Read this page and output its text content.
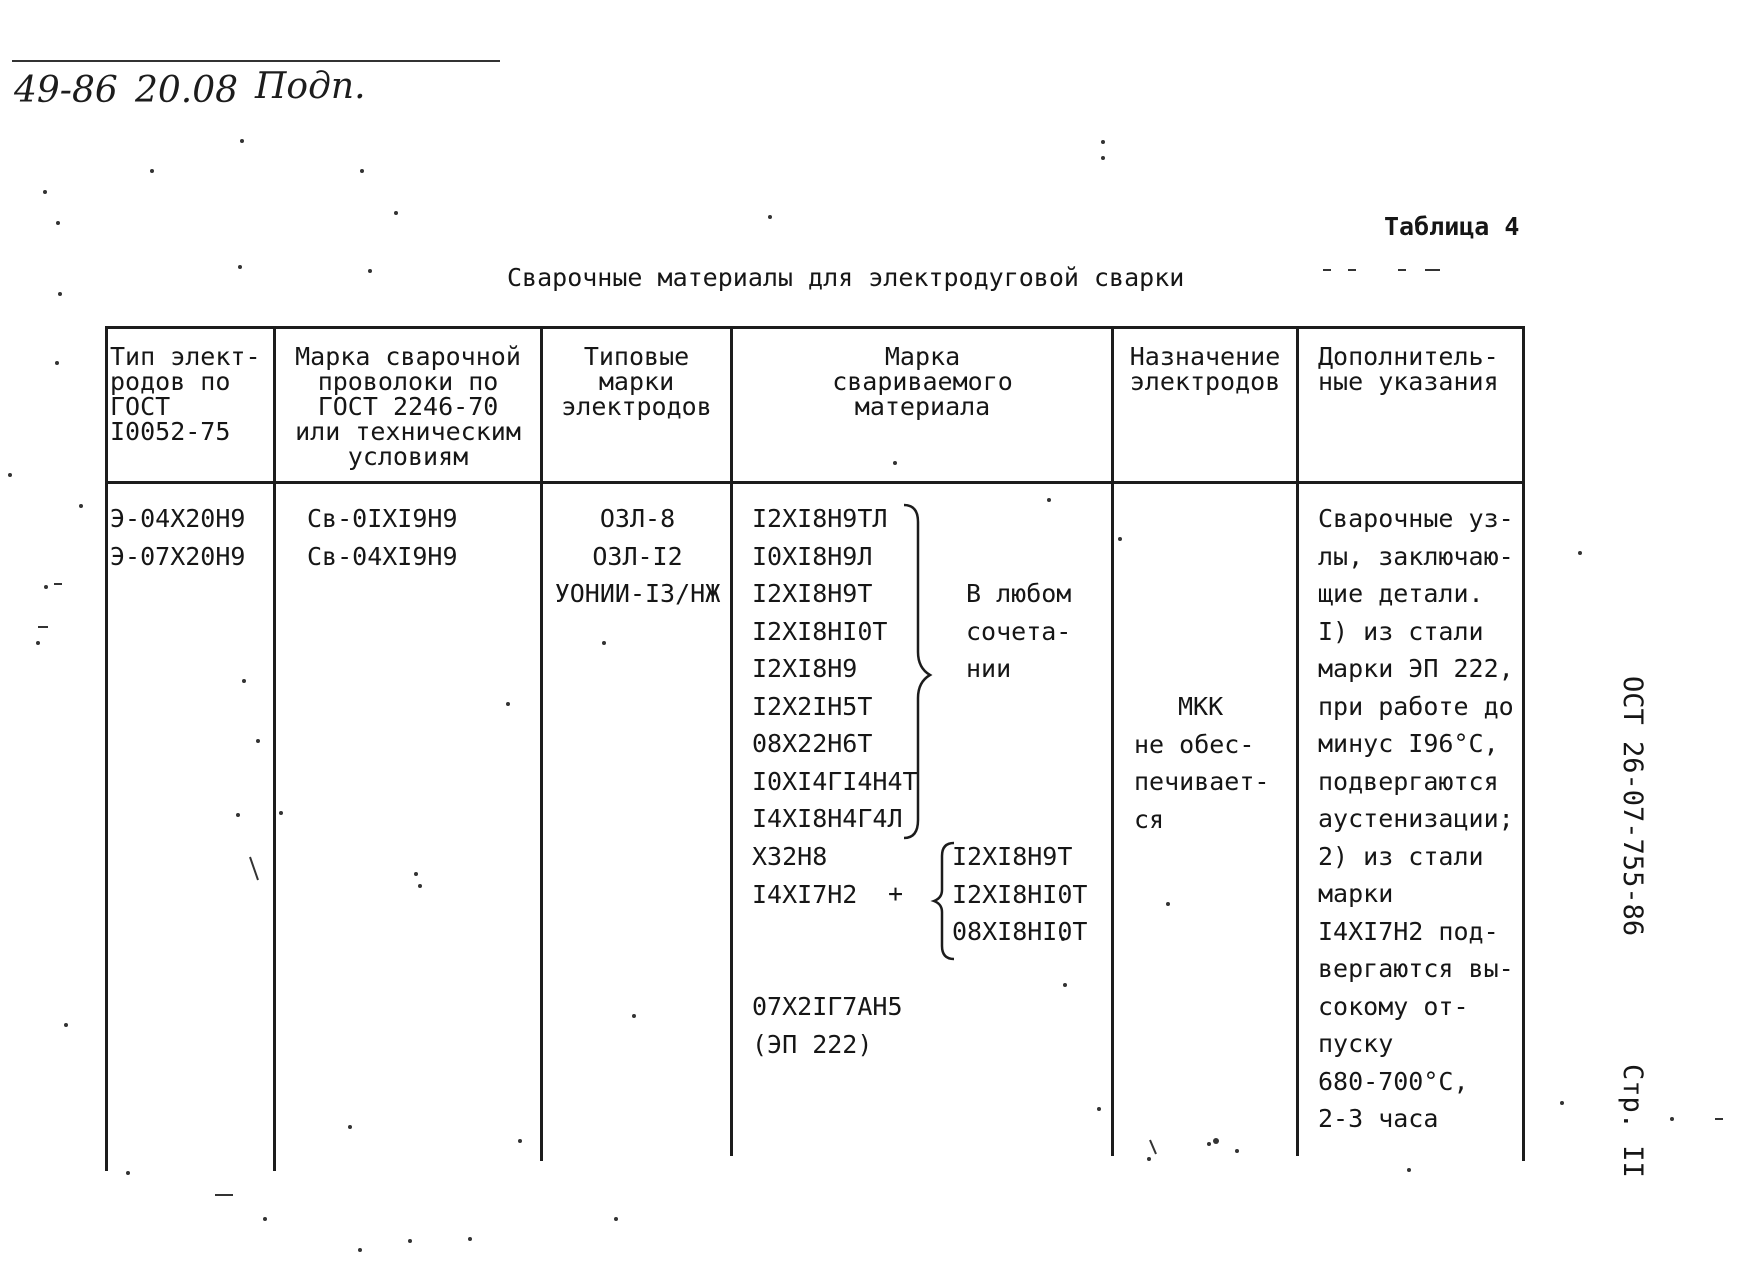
49-86 20.08 Подп.
Таблица 4
Сварочные материалы для электродуговой сварки
ОСТ 26-07-755-86
Стр. II
Тип элект-
родов по
ГОСТ
I0052-75
Марка сварочной
проволоки по
ГОСТ 2246-70
или техническим
условиям
Типовые
марки
электродов
Марка
свариваемого
материала
Назначение
электродов
Дополнитель-
ные указания
Э-04Х20Н9
Э-07Х20Н9
Св-0IХI9Н9
Св-04ХI9Н9
ОЗЛ-8
ОЗЛ-I2
УОНИИ-I3/НЖ
I2ХI8Н9ТЛ
I0ХI8Н9Л
I2ХI8Н9Т
I2ХI8НI0Т
I2ХI8Н9
I2Х2IН5Т
08Х22Н6Т
I0ХI4ГI4Н4Т
I4ХI8Н4Г4Л
В любом
сочета-
нии
Х32Н8
I4ХI7Н2 +
I2ХI8Н9Т
I2ХI8НI0Т
08ХI8НI0Т
07Х2IГ7АН5
(ЭП 222)
МКК
не обес-
печивает-
ся
Сварочные уз-
лы, заключаю-
щие детали.
I) из стали
марки ЭП 222,
при работе до
минус I96°С,
подвергаются
аустенизации;
2) из стали
марки
I4ХI7Н2 под-
вергаются вы-
сокому от-
пуску
680-700°С,
2-3 часа
